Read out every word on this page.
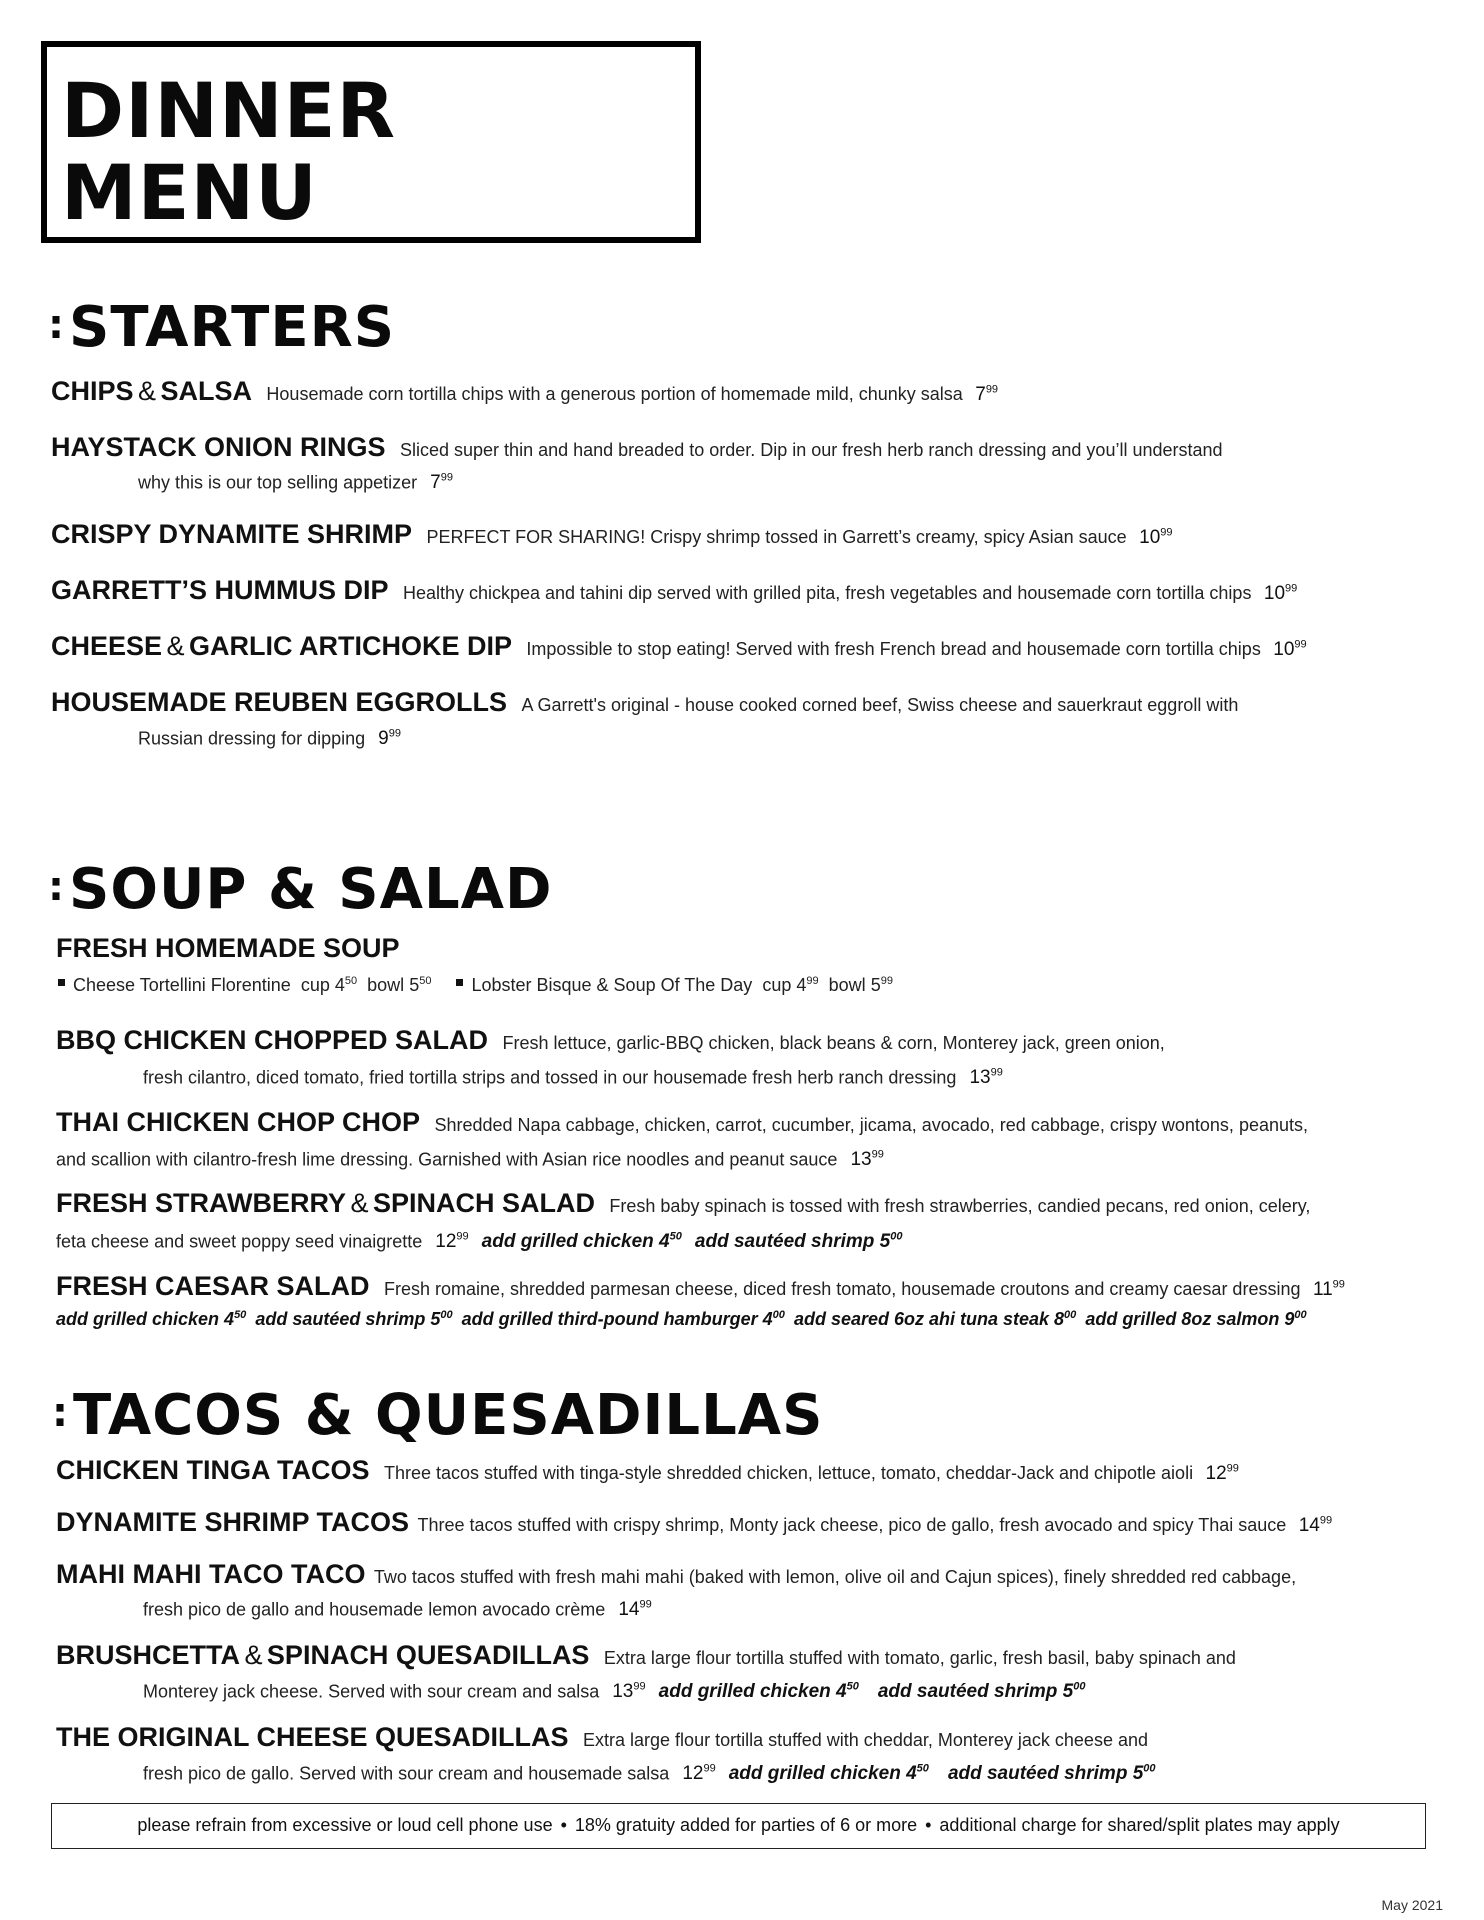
DINNER
MENU
:STARTERS
CHIPS & SALSA Housemade corn tortilla chips with a generous portion of homemade mild, chunky salsa $7^{99}$
HAYSTACK ONION RINGS Sliced super thin and hand breaded to order. Dip in our fresh herb ranch dressing and you’ll understand
why this is our top selling appetizer $7^{99}$
CRISPY DYNAMITE SHRIMP PERFECT FOR SHARING! Crispy shrimp tossed in Garrett’s creamy, spicy Asian sauce $10^{99}$
GARRETT’S HUMMUS DIP Healthy chickpea and tahini dip served with grilled pita, fresh vegetables and housemade corn tortilla chips $10^{99}$
CHEESE & GARLIC ARTICHOKE DIP Impossible to stop eating! Served with fresh French bread and housemade corn tortilla chips $10^{99}$
HOUSEMADE REUBEN EGGROLLS A Garrett's original - house cooked corned beef, Swiss cheese and sauerkraut eggroll with
Russian dressing for dipping $9^{99}$
:SOUP & SALAD
FRESH HOMEMADE SOUP
Cheese Tortellini Florentine cup $4^{50}$ bowl $5^{50}$ Lobster Bisque & Soup Of The Day cup $4^{99}$ bowl $5^{99}$
BBQ CHICKEN CHOPPED SALAD Fresh lettuce, garlic-BBQ chicken, black beans & corn, Monterey jack, green onion,
fresh cilantro, diced tomato, fried tortilla strips and tossed in our housemade fresh herb ranch dressing $13^{99}$
THAI CHICKEN CHOP CHOP Shredded Napa cabbage, chicken, carrot, cucumber, jicama, avocado, red cabbage, crispy wontons, peanuts,
and scallion with cilantro-fresh lime dressing. Garnished with Asian rice noodles and peanut sauce $13^{99}$
FRESH STRAWBERRY & SPINACH SALAD Fresh baby spinach is tossed with fresh strawberries, candied pecans, red onion, celery,
feta cheese and sweet poppy seed vinaigrette $12^{99}$ add grilled chicken $4^{50}$ add sautéed shrimp $5^{00}$
FRESH CAESAR SALAD Fresh romaine, shredded parmesan cheese, diced fresh tomato, housemade croutons and creamy caesar dressing $11^{99}$
add grilled chicken $4^{50}$ add sautéed shrimp $5^{00}$ add grilled third-pound hamburger $4^{00}$ add seared 6oz ahi tuna steak $8^{00}$ add grilled 8oz salmon $9^{00}$
:TACOS & QUESADILLAS
CHICKEN TINGA TACOS Three tacos stuffed with tinga-style shredded chicken, lettuce, tomato, cheddar-Jack and chipotle aioli $12^{99}$
DYNAMITE SHRIMP TACOS Three tacos stuffed with crispy shrimp, Monty jack cheese, pico de gallo, fresh avocado and spicy Thai sauce $14^{99}$
MAHI MAHI TACO TACO Two tacos stuffed with fresh mahi mahi (baked with lemon, olive oil and Cajun spices), finely shredded red cabbage,
fresh pico de gallo and housemade lemon avocado crème $14^{99}$
BRUSHCETTA & SPINACH QUESADILLAS Extra large flour tortilla stuffed with tomato, garlic, fresh basil, baby spinach and
Monterey jack cheese. Served with sour cream and salsa $13^{99}$ add grilled chicken $4^{50}$ add sautéed shrimp $5^{00}$
THE ORIGINAL CHEESE QUESADILLAS Extra large flour tortilla stuffed with cheddar, Monterey jack cheese and
fresh pico de gallo. Served with sour cream and housemade salsa $12^{99}$ add grilled chicken $4^{50}$ add sautéed shrimp $5^{00}$
please refrain from excessive or loud cell phone use • 18% gratuity added for parties of 6 or more • additional charge for shared/split plates may apply
May 2021
